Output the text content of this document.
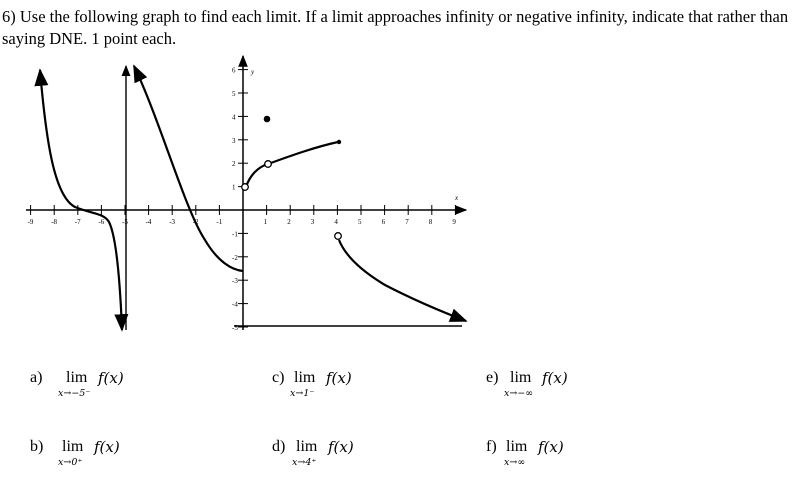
6) Use the following graph to find each limit. If a limit approaches infinity or negative infinity, indicate that rather than saying DNE. 1 point each.
-9	-8	-7	-6	-5	-4	-3	-2	-1	1	2	3	4	5	6	7	8	9
6
5
4
3
2
1
-1
-2
-3
-4
-5
y
x
a) lim f(x)
x→−5⁻
b) lim f(x)
x→0⁺
c) lim f(x)
x→1⁻
d) lim f(x)
x→4⁺
e) lim f(x)
x→−∞
f) lim f(x)
x→∞
